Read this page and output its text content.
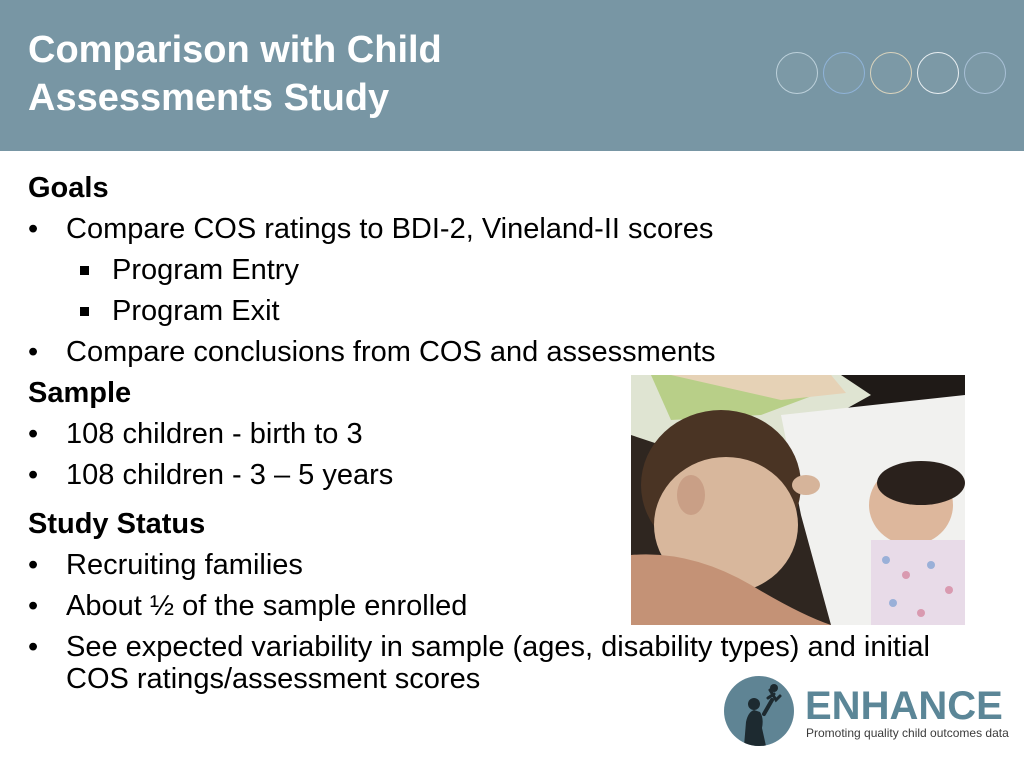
Comparison with Child
Assessments Study
Goals
• Compare COS ratings to BDI-2, Vineland-II scores
Program Entry
Program Exit
• Compare conclusions from COS and assessments
Sample
• 108 children - birth to 3
• 108 children - 3 – 5 years
Study Status
• Recruiting families
• About ½ of the sample enrolled
• See expected variability in sample (ages, disability types) and initial COS ratings/assessment scores
ENHANCE
Promoting quality child outcomes data
